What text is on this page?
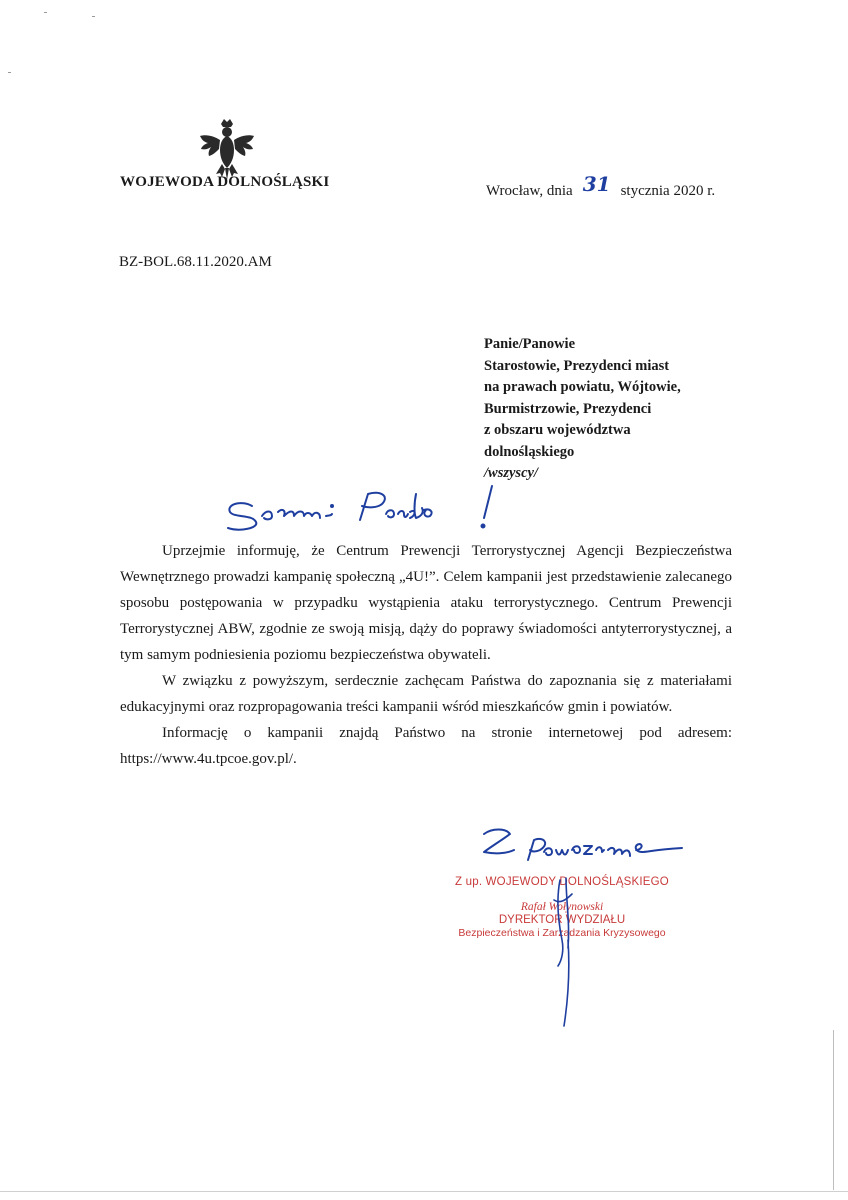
WOJEWODA DOLNOŚLĄSKI
Wrocław, dnia 31 stycznia 2020 r.
BZ-BOL.68.11.2020.AM
Panie/Panowie
Starostowie, Prezydenci miast
na prawach powiatu, Wójtowie,
Burmistrzowie, Prezydenci
z obszaru województwa
dolnośląskiego
/wszyscy/

Uprzejmie informuję, że Centrum Prewencji Terrorystycznej Agencji Bezpieczeństwa Wewnętrznego prowadzi kampanię społeczną „4U!”. Celem kampanii jest przedstawienie zalecanego sposobu postępowania w przypadku wystąpienia ataku terrorystycznego. Centrum Prewencji Terrorystycznej ABW, zgodnie ze swoją misją, dąży do poprawy świadomości antyterrorystycznej, a tym samym podniesienia poziomu bezpieczeństwa obywateli.

W związku z powyższym, serdecznie zachęcam Państwa do zapoznania się z materiałami edukacyjnymi oraz rozpropagowania treści kampanii wśród mieszkańców gmin i powiatów.

Informację o kampanii znajdą Państwo na stronie internetowej pod adresem: https://www.4u.tpcoe.gov.pl/.

Z up. WOJEWODY DOLNOŚLĄSKIEGO
Rafał Wołynowski
DYREKTOR WYDZIAŁU
Bezpieczeństwa i Zarządzania Kryzysowego
